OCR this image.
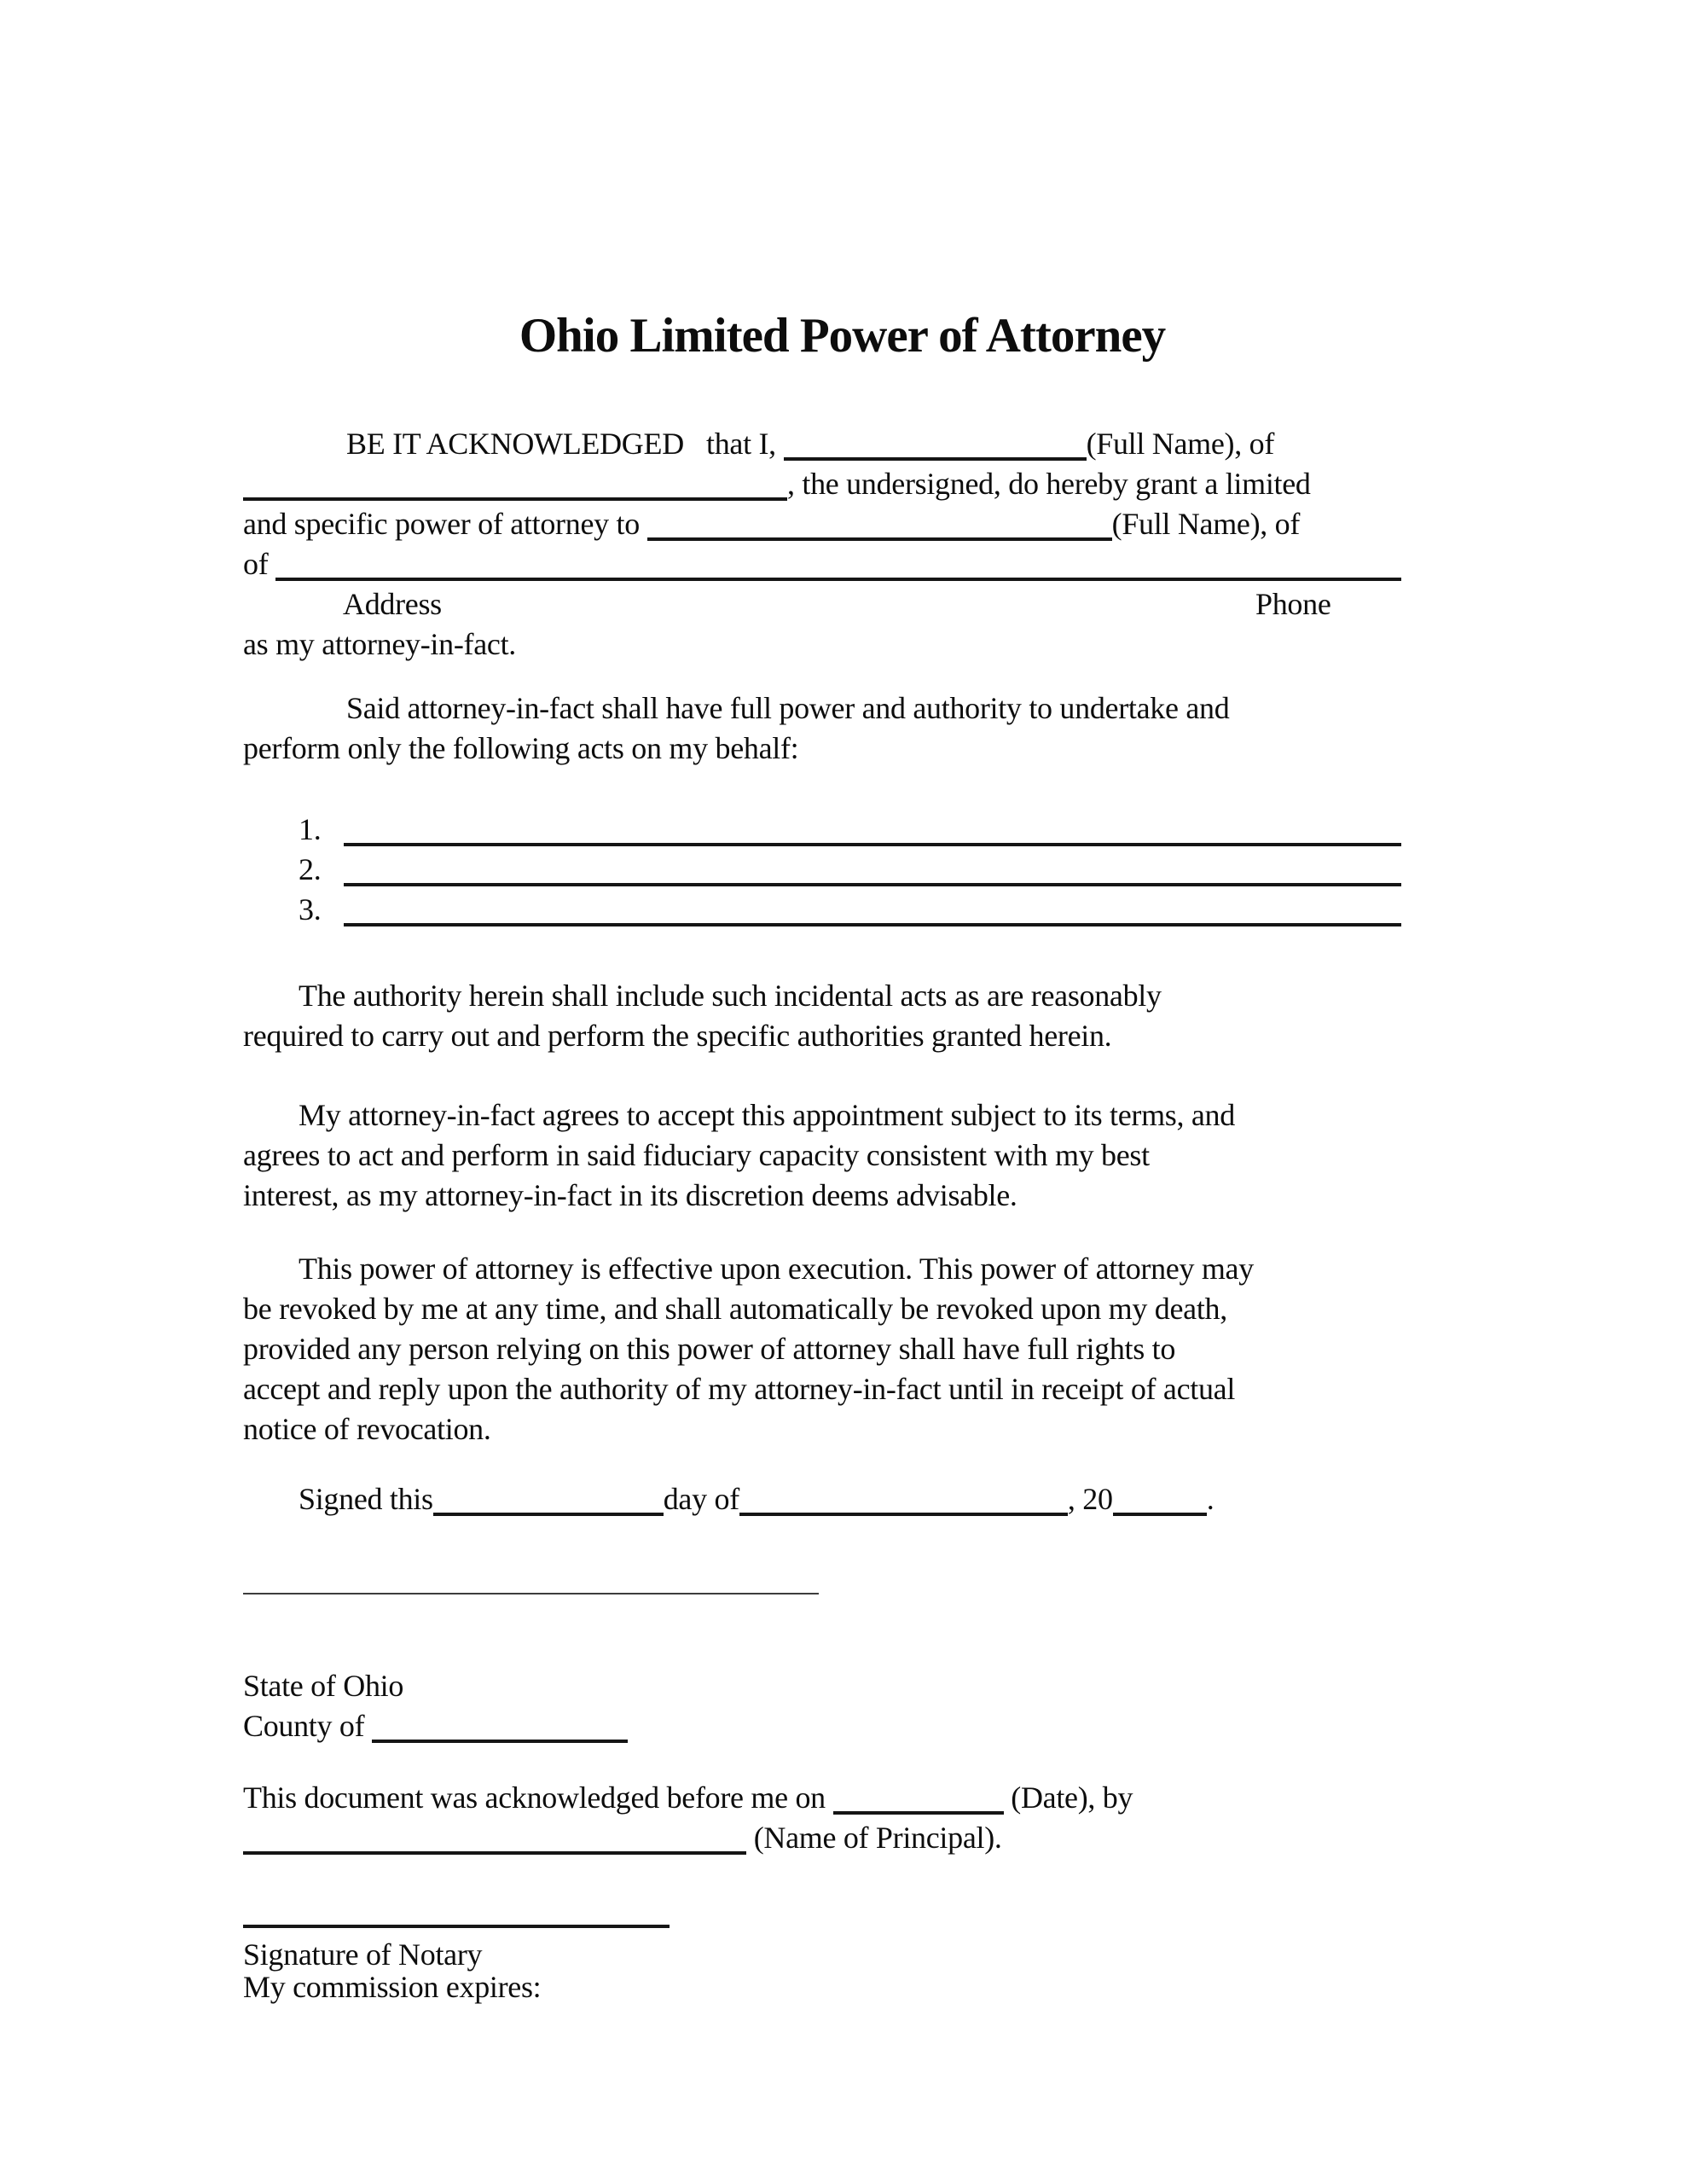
Ohio Limited Power of Attorney
BE IT ACKNOWLEDGED   that I,	(Full Name), of
, the undersigned, do hereby grant a limited
and specific power of attorney to	(Full Name), of
of
Address	Phone
as my attorney-in-fact.
Said attorney-in-fact shall have full power and authority to undertake and
perform only the following acts on my behalf:
1.
2.
3.
The authority herein shall include such incidental acts as are reasonably
required to carry out and perform the specific authorities granted herein.
My attorney-in-fact agrees to accept this appointment subject to its terms, and
agrees to act and perform in said fiduciary capacity consistent with my best
interest, as my attorney-in-fact in its discretion deems advisable.
This power of attorney is effective upon execution. This power of attorney may
be revoked by me at any time, and shall automatically be revoked upon my death,
provided any person relying on this power of attorney shall have full rights to
accept and reply upon the authority of my attorney-in-fact until in receipt of actual
notice of revocation.
Signed this	day of	, 20	.
State of Ohio
County of
This document was acknowledged before me on	(Date), by
(Name of Principal).
Signature of Notary
My commission expires:
